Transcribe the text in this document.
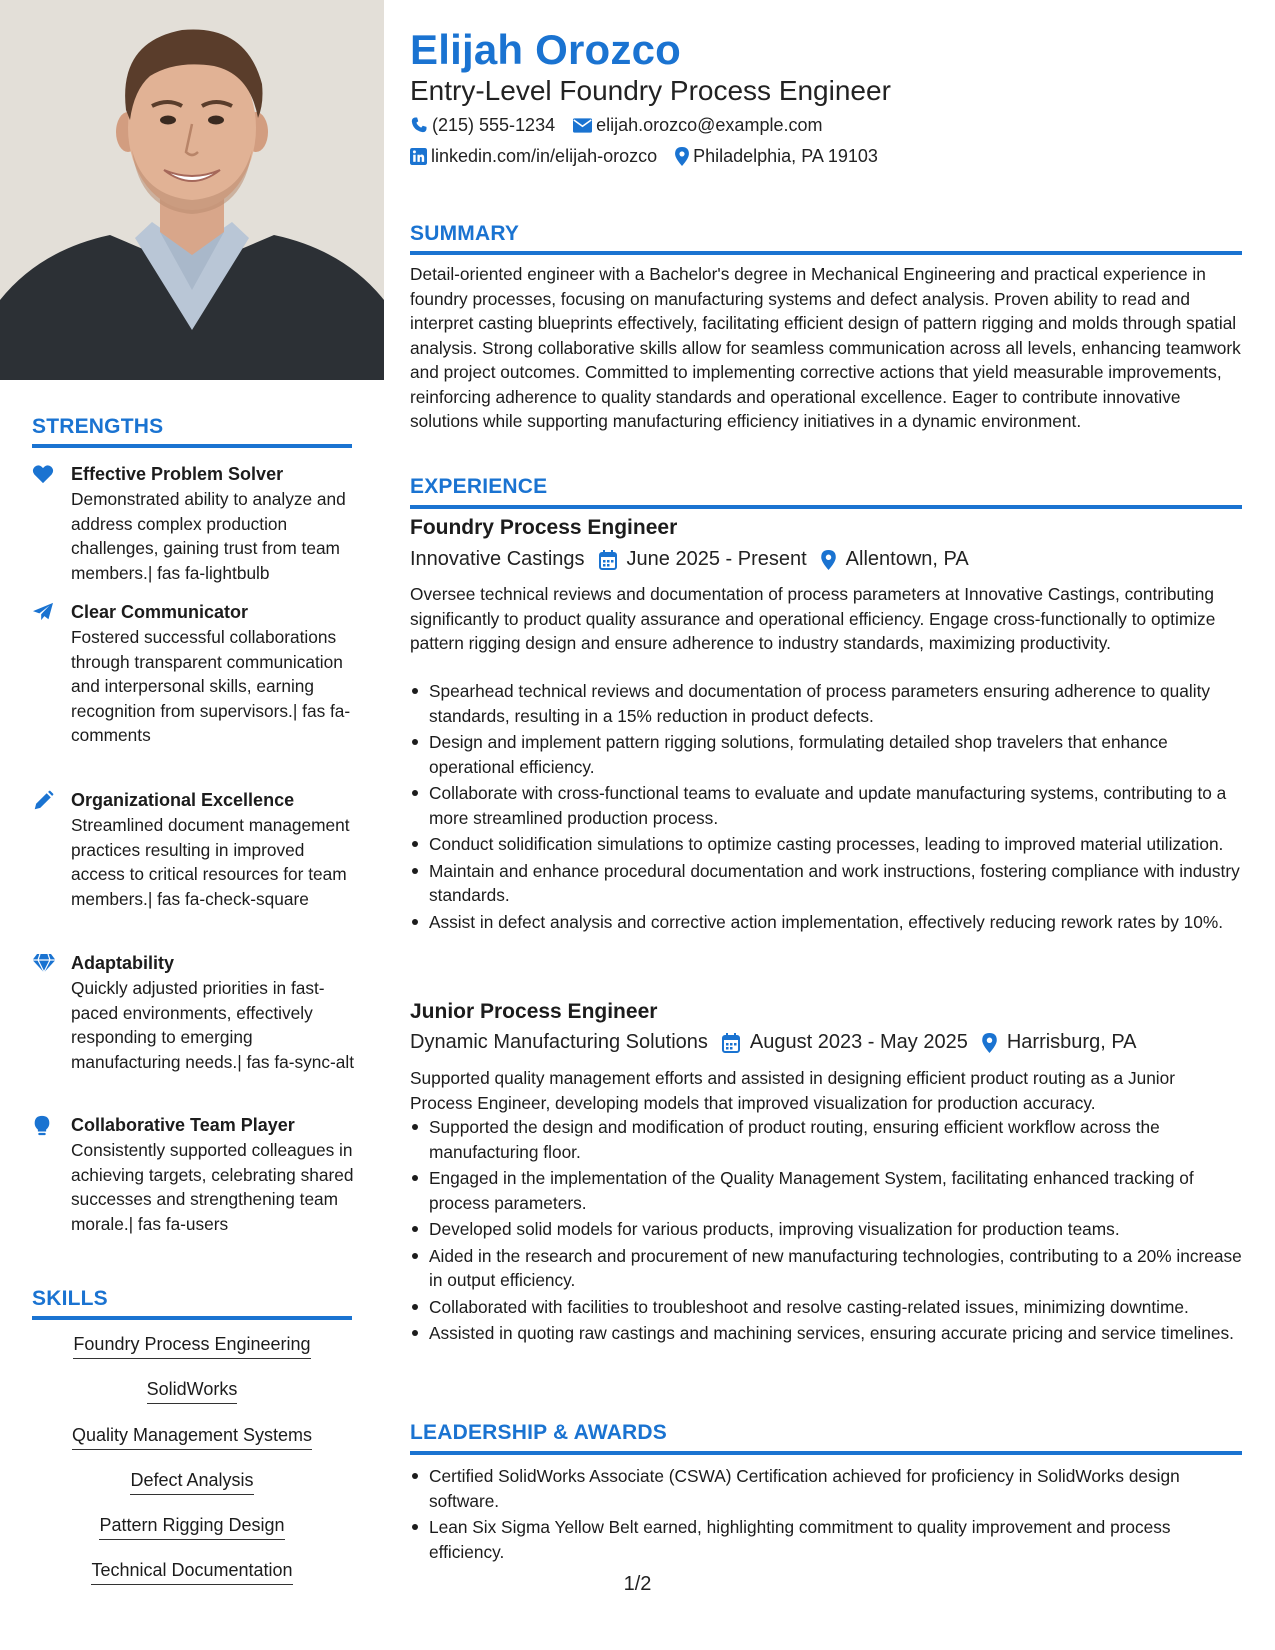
STRENGTHS
Effective Problem Solver
Demonstrated ability to analyze and address complex production challenges, gaining trust from team members.| fas fa-lightbulb
Clear Communicator
Fostered successful collaborations through transparent communication and interpersonal skills, earning recognition from supervisors.| fas fa-comments
Organizational Excellence
Streamlined document management practices resulting in improved access to critical resources for team members.| fas fa-check-square
Adaptability
Quickly adjusted priorities in fast-paced environments, effectively responding to emerging manufacturing needs.| fas fa-sync-alt
Collaborative Team Player
Consistently supported colleagues in achieving targets, celebrating shared successes and strengthening team morale.| fas fa-users
SKILLS
Foundry Process Engineering
SolidWorks
Quality Management Systems
Defect Analysis
Pattern Rigging Design
Technical Documentation
Elijah Orozco
Entry-Level Foundry Process Engineer
(215) 555-1234 elijah.orozco@example.com
linkedin.com/in/elijah-orozco Philadelphia, PA 19103
SUMMARY
Detail-oriented engineer with a Bachelor's degree in Mechanical Engineering and practical experience in foundry processes, focusing on manufacturing systems and defect analysis. Proven ability to read and interpret casting blueprints effectively, facilitating efficient design of pattern rigging and molds through spatial analysis. Strong collaborative skills allow for seamless communication across all levels, enhancing teamwork and project outcomes. Committed to implementing corrective actions that yield measurable improvements, reinforcing adherence to quality standards and operational excellence. Eager to contribute innovative solutions while supporting manufacturing efficiency initiatives in a dynamic environment.
EXPERIENCE
Foundry Process Engineer
Innovative Castings June 2025 - Present Allentown, PA
Oversee technical reviews and documentation of process parameters at Innovative Castings, contributing significantly to product quality assurance and operational efficiency. Engage cross-functionally to optimize pattern rigging design and ensure adherence to industry standards, maximizing productivity.
Spearhead technical reviews and documentation of process parameters ensuring adherence to quality standards, resulting in a 15% reduction in product defects.
Design and implement pattern rigging solutions, formulating detailed shop travelers that enhance operational efficiency.
Collaborate with cross-functional teams to evaluate and update manufacturing systems, contributing to a more streamlined production process.
Conduct solidification simulations to optimize casting processes, leading to improved material utilization.
Maintain and enhance procedural documentation and work instructions, fostering compliance with industry standards.
Assist in defect analysis and corrective action implementation, effectively reducing rework rates by 10%.
Junior Process Engineer
Dynamic Manufacturing Solutions August 2023 - May 2025 Harrisburg, PA
Supported quality management efforts and assisted in designing efficient product routing as a Junior Process Engineer, developing models that improved visualization for production accuracy.
Supported the design and modification of product routing, ensuring efficient workflow across the manufacturing floor.
Engaged in the implementation of the Quality Management System, facilitating enhanced tracking of process parameters.
Developed solid models for various products, improving visualization for production teams.
Aided in the research and procurement of new manufacturing technologies, contributing to a 20% increase in output efficiency.
Collaborated with facilities to troubleshoot and resolve casting-related issues, minimizing downtime.
Assisted in quoting raw castings and machining services, ensuring accurate pricing and service timelines.
LEADERSHIP & AWARDS
Certified SolidWorks Associate (CSWA) Certification achieved for proficiency in SolidWorks design software.
Lean Six Sigma Yellow Belt earned, highlighting commitment to quality improvement and process efficiency.
1/2
